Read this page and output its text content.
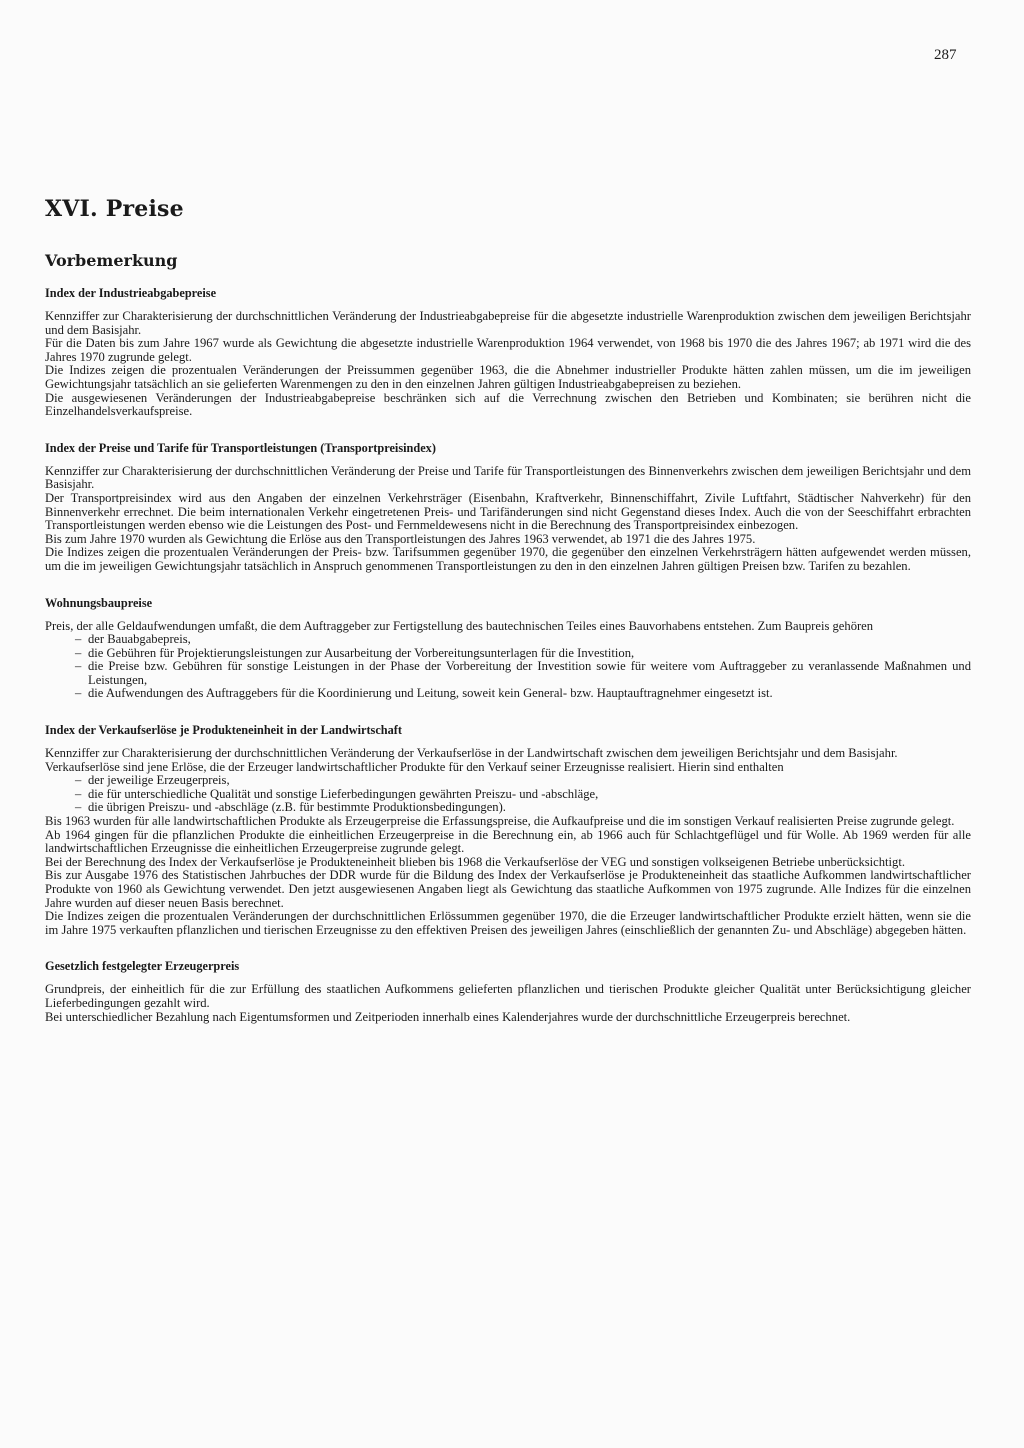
287
XVI. Preise
Vorbemerkung
Index der Industrieabgabepreise

Kennziffer zur Charakterisierung der durchschnittlichen Veränderung der Industrieabgabepreise für die abgesetzte industrielle Warenproduktion zwischen dem jeweiligen Berichtsjahr und dem Basisjahr.

Für die Daten bis zum Jahre 1967 wurde als Gewichtung die abgesetzte industrielle Warenproduktion 1964 verwendet, von 1968 bis 1970 die des Jahres 1967; ab 1971 wird die des Jahres 1970 zugrunde gelegt.

Die Indizes zeigen die prozentualen Veränderungen der Preissummen gegenüber 1963, die die Abnehmer industrieller Produkte hätten zahlen müssen, um die im jeweiligen Gewichtungsjahr tatsächlich an sie gelieferten Warenmengen zu den in den einzelnen Jahren gültigen Industrieabgabepreisen zu beziehen.

Die ausgewiesenen Veränderungen der Industrieabgabepreise beschränken sich auf die Verrechnung zwischen den Betrieben und Kombinaten; sie berühren nicht die Einzelhandelsverkaufspreise.

Index der Preise und Tarife für Transportleistungen (Transportpreisindex)

Kennziffer zur Charakterisierung der durchschnittlichen Veränderung der Preise und Tarife für Transportleistungen des Binnenverkehrs zwischen dem jeweiligen Berichtsjahr und dem Basisjahr.

Der Transportpreisindex wird aus den Angaben der einzelnen Verkehrsträger (Eisenbahn, Kraftverkehr, Binnenschiffahrt, Zivile Luftfahrt, Städtischer Nahverkehr) für den Binnenverkehr errechnet. Die beim internationalen Verkehr eingetretenen Preis- und Tarifänderungen sind nicht Gegenstand dieses Index. Auch die von der Seeschiffahrt erbrachten Transportleistungen werden ebenso wie die Leistungen des Post- und Fernmeldewesens nicht in die Berechnung des Transportpreisindex einbezogen.

Bis zum Jahre 1970 wurden als Gewichtung die Erlöse aus den Transportleistungen des Jahres 1963 verwendet, ab 1971 die des Jahres 1975.

Die Indizes zeigen die prozentualen Veränderungen der Preis- bzw. Tarifsummen gegenüber 1970, die gegenüber den einzelnen Verkehrsträgern hätten aufgewendet werden müssen, um die im jeweiligen Gewichtungsjahr tatsächlich in Anspruch genommenen Transportleistungen zu den in den einzelnen Jahren gültigen Preisen bzw. Tarifen zu bezahlen.

Wohnungsbaupreise

Preis, der alle Geldaufwendungen umfaßt, die dem Auftraggeber zur Fertigstellung des bautechnischen Teiles eines Bauvorhabens entstehen. Zum Baupreis gehören

– der Bauabgabepreis,
– die Gebühren für Projektierungsleistungen zur Ausarbeitung der Vorbereitungsunterlagen für die Investition,
– die Preise bzw. Gebühren für sonstige Leistungen in der Phase der Vorbereitung der Investition sowie für weitere vom Auftraggeber zu veranlassende Maßnahmen und Leistungen,
– die Aufwendungen des Auftraggebers für die Koordinierung und Leitung, soweit kein General- bzw. Hauptauftragnehmer eingesetzt ist.
Index der Verkaufserlöse je Produkteneinheit in der Landwirtschaft

Kennziffer zur Charakterisierung der durchschnittlichen Veränderung der Verkaufserlöse in der Landwirtschaft zwischen dem jeweiligen Berichtsjahr und dem Basisjahr.

Verkaufserlöse sind jene Erlöse, die der Erzeuger landwirtschaftlicher Produkte für den Verkauf seiner Erzeugnisse realisiert. Hierin sind enthalten

– der jeweilige Erzeugerpreis,
– die für unterschiedliche Qualität und sonstige Lieferbedingungen gewährten Preiszu- und -abschläge,
– die übrigen Preiszu- und -abschläge (z.B. für bestimmte Produktionsbedingungen).

Bis 1963 wurden für alle landwirtschaftlichen Produkte als Erzeugerpreise die Erfassungspreise, die Aufkaufpreise und die im sonstigen Verkauf realisierten Preise zugrunde gelegt.

Ab 1964 gingen für die pflanzlichen Produkte die einheitlichen Erzeugerpreise in die Berechnung ein, ab 1966 auch für Schlachtgeflügel und für Wolle. Ab 1969 werden für alle landwirtschaftlichen Erzeugnisse die einheitlichen Erzeugerpreise zugrunde gelegt.

Bei der Berechnung des Index der Verkaufserlöse je Produkteneinheit blieben bis 1968 die Verkaufserlöse der VEG und sonstigen volkseigenen Betriebe unberücksichtigt.

Bis zur Ausgabe 1976 des Statistischen Jahrbuches der DDR wurde für die Bildung des Index der Verkaufserlöse je Produkteneinheit das staatliche Aufkommen landwirtschaftlicher Produkte von 1960 als Gewichtung verwendet. Den jetzt ausgewiesenen Angaben liegt als Gewichtung das staatliche Aufkommen von 1975 zugrunde. Alle Indizes für die einzelnen Jahre wurden auf dieser neuen Basis berechnet.

Die Indizes zeigen die prozentualen Veränderungen der durchschnittlichen Erlössummen gegenüber 1970, die die Erzeuger landwirtschaftlicher Produkte erzielt hätten, wenn sie die im Jahre 1975 verkauften pflanzlichen und tierischen Erzeugnisse zu den effektiven Preisen des jeweiligen Jahres (einschließlich der genannten Zu- und Abschläge) abgegeben hätten.

Gesetzlich festgelegter Erzeugerpreis

Grundpreis, der einheitlich für die zur Erfüllung des staatlichen Aufkommens gelieferten pflanzlichen und tierischen Produkte gleicher Qualität unter Berücksichtigung gleicher Lieferbedingungen gezahlt wird.

Bei unterschiedlicher Bezahlung nach Eigentumsformen und Zeitperioden innerhalb eines Kalenderjahres wurde der durchschnittliche Erzeugerpreis berechnet.
